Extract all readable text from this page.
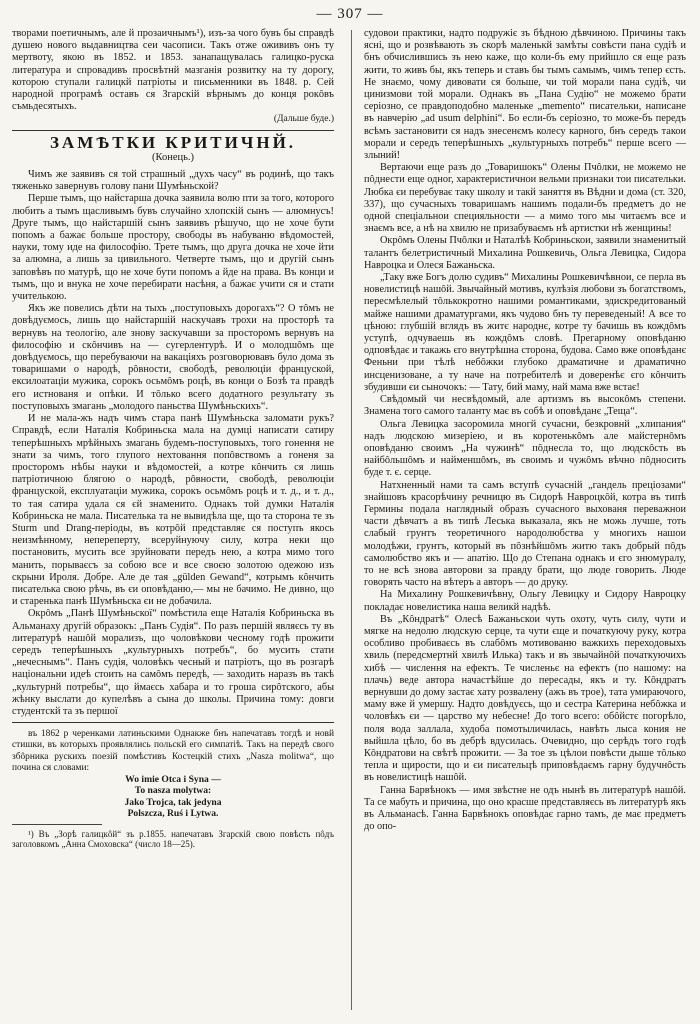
— 307 —

творами поетичнымъ, але й прозаичнымъ¹), изъ-за чого бувъ бы справдѣ душею нового выдавництва сеи часописи. Такъ отже ожививъ онъ ту мертвоту, якою въ 1852. и 1853. занапащувалась галицко-руска литература и спровадивъ просвѣтнй мазганія розвитку на ту дорогу, которою ступали галицкй патріоты и письменники въ 1848. р. Сей народной програмѣ оставъ ся Згарскій вѣрнымъ до конця рокôвъ съмьдесятыхъ.

(Дальше буде.)
ЗАМѢТКИ КРИТИЧНЙ.
(Конець.)

Чимъ же заявивъ ся той страшный „духъ часу“ въ родинѣ, що такъ тяженько завернувъ голову пани Шумѣньской?

Перше тымъ, що найстарша дочка заявила волю пти за того, которого любить а тымъ щасливымъ бувъ случайно хлопскій сынъ — алюмнусъ! Друге тымъ, що найстаршій сынъ заявивъ рѣшучо, що не хоче бути попомъ а бажає больше простору, свободы въ набуваню вѣдомостей, науки, тому иде на философію. Трете тымъ, що друга дочка не хоче йти за алюмна, а лишь за цивильного. Четверте тымъ, що и другій сынъ заповѣвъ по матурѣ, що не хоче бути попомъ а йде на права. Въ конци и тымъ, що и внука не хоче перебирати насѣня, а бажає учити ся и стати учителькою.

Якъ же повелись дѣти на тыхъ „поступовыхъ дорогахъ“? О тôмъ не довѣдуємось, лишь що найстаршій наскучавъ трохи на просторѣ та вернувъ на теологію, але знову заскучавши за просторомъ вернувъ на философію и скôнчивъ на — сугерлентурѣ. И о молодшôмъ ще довѣдуємось, що перебуваючи на вакаціяхъ розговорювавъ було дома зъ товаришами о народѣ, рôвности, свободѣ, революціи француской, ексилоатаціи мужика, сорокъ осьмôмъ роцѣ, въ конци о Бозѣ та правдѣ его истнованя и опѣки. И тôлько всего додатного результату зъ поступовыхъ змагань „молодого паньства Шумѣньскихъ“.

И не мала-жъ надъ чимъ стара панѣ Шумѣньска заломати рукъ? Справдѣ, если Наталія Кобриньска мала на думці написати сатиру теперѣшныхъ мрѣйныхъ змагань будемъ-поступовыхъ, того гонення не знати за чимъ, того глупого нехтовання попôвствомъ а гоненя за просторомъ нѣбы науки и вѣдомостей, а котре кôнчить ся лишь патріотичною блягою о народѣ, рôвности, свободѣ, революціи француской, експлуатаціи мужика, сорокъ осьмôмъ роцѣ и т. д., и т. д., то тая сатира удала ся єй знаменито. Однакъ той думки Наталія Кобриньска не мала. Писателька та не вывидѣла ще, що та сторона те зъ Sturm und Drang-періоды, въ котрôй представляє ся поступъ якось неизмѣнному, непереперту, всеруйнуючу силу, котра неки що постановить, мусить все зруйновати передъ нею, а котра мимо того манить, порываєсъ за собою все и все своєю золотою одежою изъ скрыни Ироля. Добре. Але де тая „gülden Gewand“, котрымъ кôнчить писателька свою рѣчь, въ єи оповѣданю,— мы не бачимо. Не дивно, що и старенька панѣ Шумѣньска єи не добачила.

Окрôмъ „Панѣ Шумѣньскої“ помѣстила еще Наталія Кобриньска въ Альманаху другій образокъ: „Панъ Судія“. По разъ першій являєсь ту въ литературѣ нашôй морализъ, що чоловѣкови чесному годѣ прожити середъ теперѣшныхъ „культурныхъ потребъ“, бо мусить стати „нечеснымъ“. Панъ судія, чоловѣкъ чесный и патріотъ, що въ розгарѣ національни идеѣ стоить на самôмъ передѣ, — заходить наразъ въ такѣ „культурнй потребы“, що ймаєсь хабара и то гроша сирôтского, абы жѣнку выслати до купелѣвъ а сына до школы. Причина тому: довги студентскй та зъ першої

въ 1862 р черенками латиньскими Однакже бнъ напечатавъ тогдѣ и новй стишки, въ которыхъ проявлялись польскй его симпатіѣ. Такъ на передѣ свого збôрника рускихъ поезій помѣстивъ Костецкій стихъ „Nasza molitwa“, що почина ся словами:

Wo imie Otca i Syna —
To nasza molytwa:
Jako Trojca, tak jedyna
Polszcza, Ruś i Lytwa.

¹) Въ „Зорѣ галицкôй“ зъ р.1855. напечатавъ Згарскій свою повѣсть пôдъ заголовкомъ „Анна Смоховска“ (число 18—25).

судовои практики, надто подружіє зъ бѣдною дѣвчиною. Причины такъ ясні, що и розвѣвають зъ скорѣ маленькй замѣты совѣсти пана судіѣ и бнъ обчислившись зъ нею каже, що коли-бъ ему прийшло ся еще разъ жити, то живъ бы, якъ теперь и ставъ бы тымъ самымъ, чимъ тепер єсть. Не знаємо, чому дивовати ся больше, чи той морали пана судіѣ, чи цинизмови той морали. Однакъ въ „Пана Судію“ не можемо брати серіозно, се правдоподобно маленьке „memento“ писательки, написане въ навчерію „ad usum delphini“. Бо если-бъ серіозно, то може-бъ передъ всѣмъ застановити ся надъ знесенємъ колесу карного, бнъ середъ такои морали и середъ теперѣшныхъ „культурныхъ потребъ“ перше всего — злыний!

Вертаючи еще разъ до „Товаришокъ“ Олены Пчôлки, не можемо не пôднести еще одног, характеристичнои вельми признаки тои писательки. Любка єи перебуває таку школу и такй заняття въ Вѣдни и дома (ст. 320, 337), що сучасныхъ товаришамъ нашимъ подали-бъ предметъ до не одной спеціальнои специяльности — а мимо того мы читаємъ все и знаємъ все, а нѣ на хвилю не призабуваємъ нѣ артистки нѣ женщины!

Окрôмъ Олены Пчôлки и Наталѣѣ Кобриньскои, заявили знаменитый талантъ белетристичный Михалина Рошкевичь, Ольга Левицка, Сидора Навроцка и Олеся Бажаньска.

„Таку вже Богъ долю судивъ“ Михалины Рошкевичѣвнои, се перла въ новелистицѣ нашôй. Звычайный мотивъ, кулѣзія любови зъ богатствомъ, пересмѣлелый тôлькокротно нашими романтиками, эдискредитованый майже нашими драматургами, якъ чудово бнъ ту переведеный! А все то цѣною: глубшій вглядъ въ житє народнє, котре ту бачишь въ кождôмъ уступѣ, одчуваешь въ кождôмъ словѣ. Прегарному оповѣданю одповѣдає и такажь єго внутрѣшна сторона, будова. Само вже оповѣданє Феньни при тѣлѣ небôжки глубоко драматичне и драматично инсценизоване, а ту наче на потребителѣ и доверенѣє єго кôнчить збудивши єи сыночокъ: — Тату, бий маму, най мама вже встає!

Свѣдомый чи несвѣдомый, але артизмъ въ высокôмъ степени. Знамена того самого таланту має въ собѣ и оповѣданє „Теща“.

Ольга Левицка засоромила многй сучасни, безкровнй „хлипания“ надъ людскою мизеріею, и въ коротенькôмъ але майстернôмъ оповѣданю своимъ „На чужинѣ“ пôднесла то, що людскôсть въ найбôльшôмъ и найменшôмъ, въ своимъ и чужôмъ вѣчно пôдносить буде т. є. серце.

Натхненный нами та самъ вступѣ сучасній „гандель преціозами“ знайшовъ красорѣчину речницю въ Сидорѣ Навроцкôй, котра въ типѣ Гермины подала наглядный образъ сучасного выхованя переважнои части дѣвчатъ а въ типѣ Леська выказала, якъ не можь лучше, тоть слабый грунтъ теоретичного народолюбства у многихъ нашои молодѣжи, грунтъ, который въ пôзнѣйшôмъ житю такъ добрый пôдъ самолюбство якъ и — апатію. Що до Степана однакъ и єго знюмуралу, то не всѣ знова авторови за правду брати, що люде говорить. Люде говорять часто на вѣтеръ а авторъ — до друку.

На Михалину Рошкевичѣвну, Ольгу Левицку и Сидору Навроцку покладає новелистика наша великй надѣѣ.

Въ „Кôндратѣ“ Олесѣ Бажаньскои чуть охоту, чуть силу, чути и мягке на недолю людскую серце, та чути єще и початкуючу руку, котра особливо пробиваєсь въ слабôмъ мотивованю важкихъ переходовыхъ хвиль (передсмертнй хвилѣ Илька) такъ и въ звычайнôй початкуючихъ хибѣ — числення на ефектъ. Те численьє на ефектъ (по нашому: на плачь) веде автора начастѣйше до пересады, якъ и ту. Кôндратъ вернувши до дому застає хату розвалену (ажъ въ трое), тата умираючого, маму вже й умершу. Надто довѣдуєсь, що и сестра Катерина небôжка и чоловѣкъ єи — царство му небесне! До того всего: обôйстє погорѣло, поля вода заллала, худоба помотыличилась, навѣть лыса кония не выйшла цѣло, бо въ дебрѣ вдусилась. Очевидно, що серѣдъ того годѣ Кôндратови на свѣтѣ прожити. — За тое зъ цѣлои повѣсти дыше тôлько тепла и щирости, що и єи писательцѣ приповѣдаємъ гарну будучнôсть въ новелистицѣ нашôй.

Ганна Барвѣнокъ — имя звѣстне не одъ нынѣ въ литературѣ нашôй. Та се мабуть и причина, що оно красше представляєсь въ литературѣ якъ въ Альманасѣ. Ганна Барвѣнокъ оповѣдає гарно тамъ, де має предметъ до опо-
